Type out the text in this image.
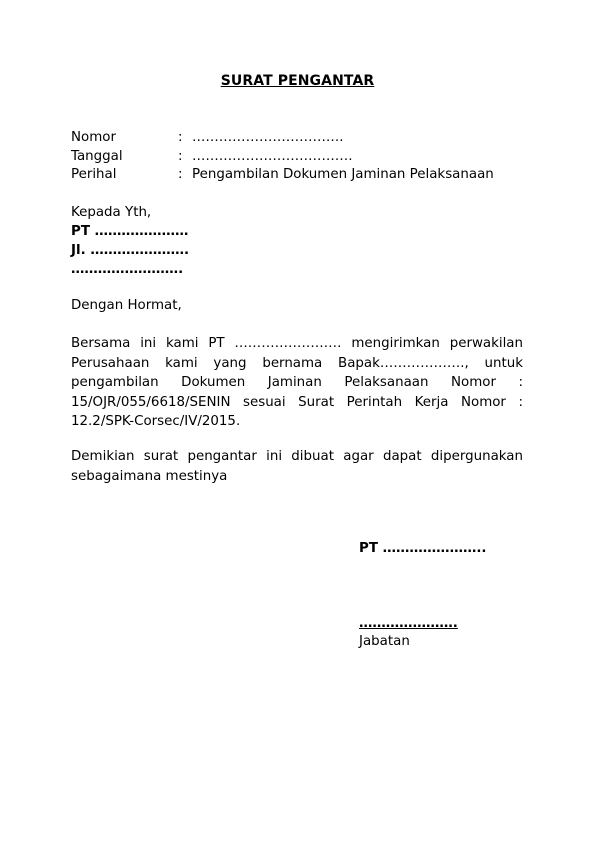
SURAT PENGANTAR
Nomor	: …………………………….
Tanggal	: ………………………………
Perihal	: Pengambilan Dokumen Jaminan Pelaksanaan
Kepada Yth,
PT …………………
Jl. ………………….
…………………….
Dengan Hormat,
Bersama ini kami PT …………………… mengirimkan perwakilan Perusahaan kami yang bernama Bapak………………., untuk pengambilan Dokumen Jaminan Pelaksanaan Nomor : 15/OJR/055/6618/SENIN sesuai Surat Perintah Kerja Nomor : 12.2/SPK-Corsec/IV/2015.
Demikian surat pengantar ini dibuat agar dapat dipergunakan sebagaimana mestinya
PT …………………..
………………….
Jabatan
